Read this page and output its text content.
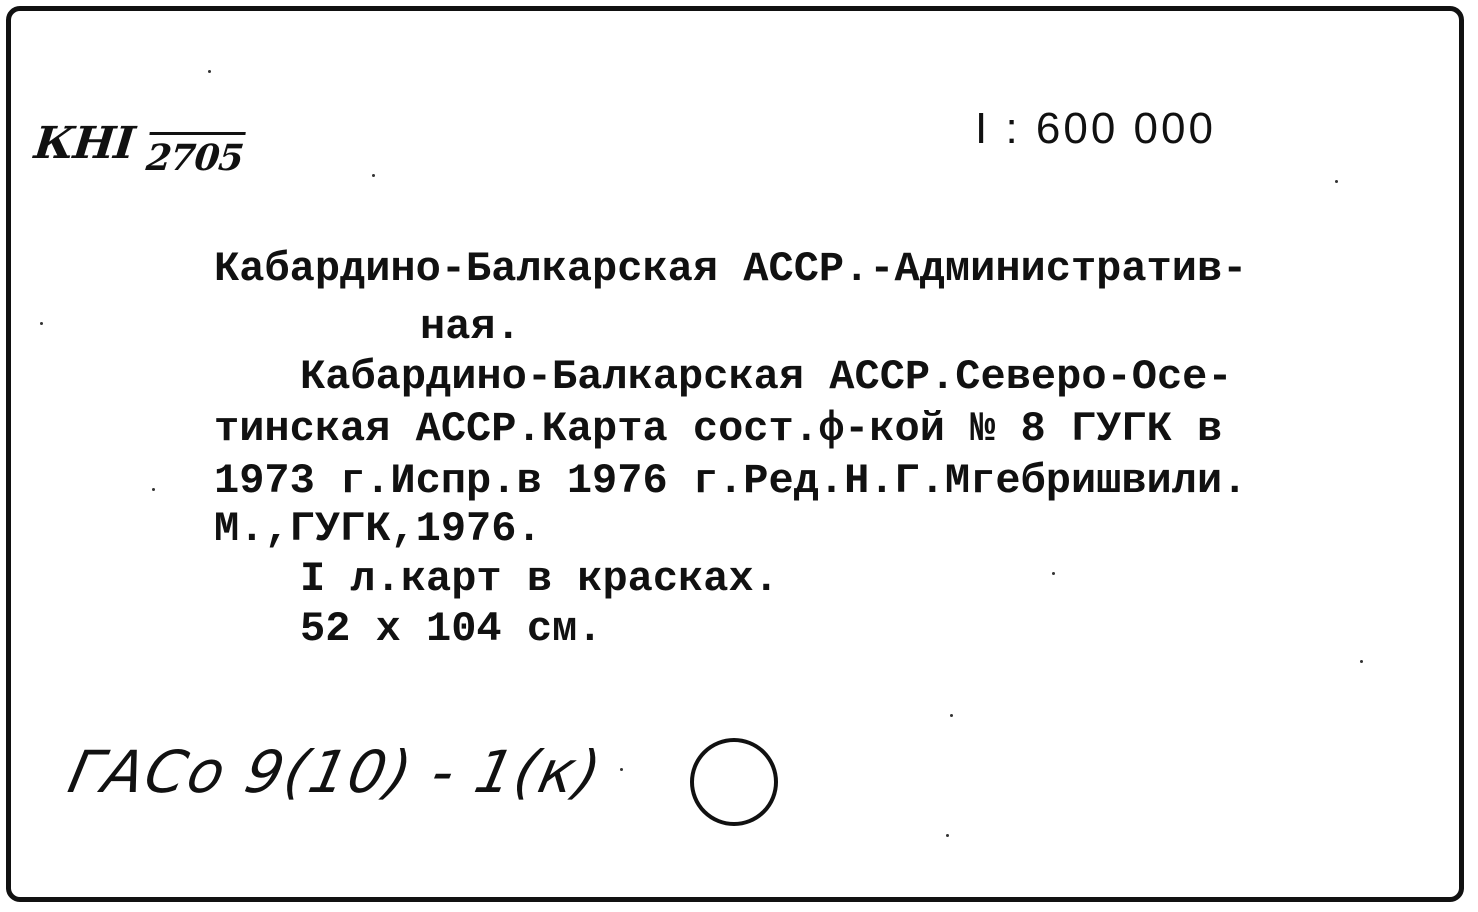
КНI 2705
I : 600 000
Кабардино-Балкарская АССР.-Административ-
ная.
Кабардино-Балкарская АССР.Северо-Осе-
тинская АССР.Карта сост.ф-кой № 8 ГУГК в
1973 г.Испр.в 1976 г.Ред.Н.Г.Мгебришвили.
М.,ГУГК,1976.
I л.карт в красках.
52 х 104 см.
ГАСо 9(10) - 1(к)
